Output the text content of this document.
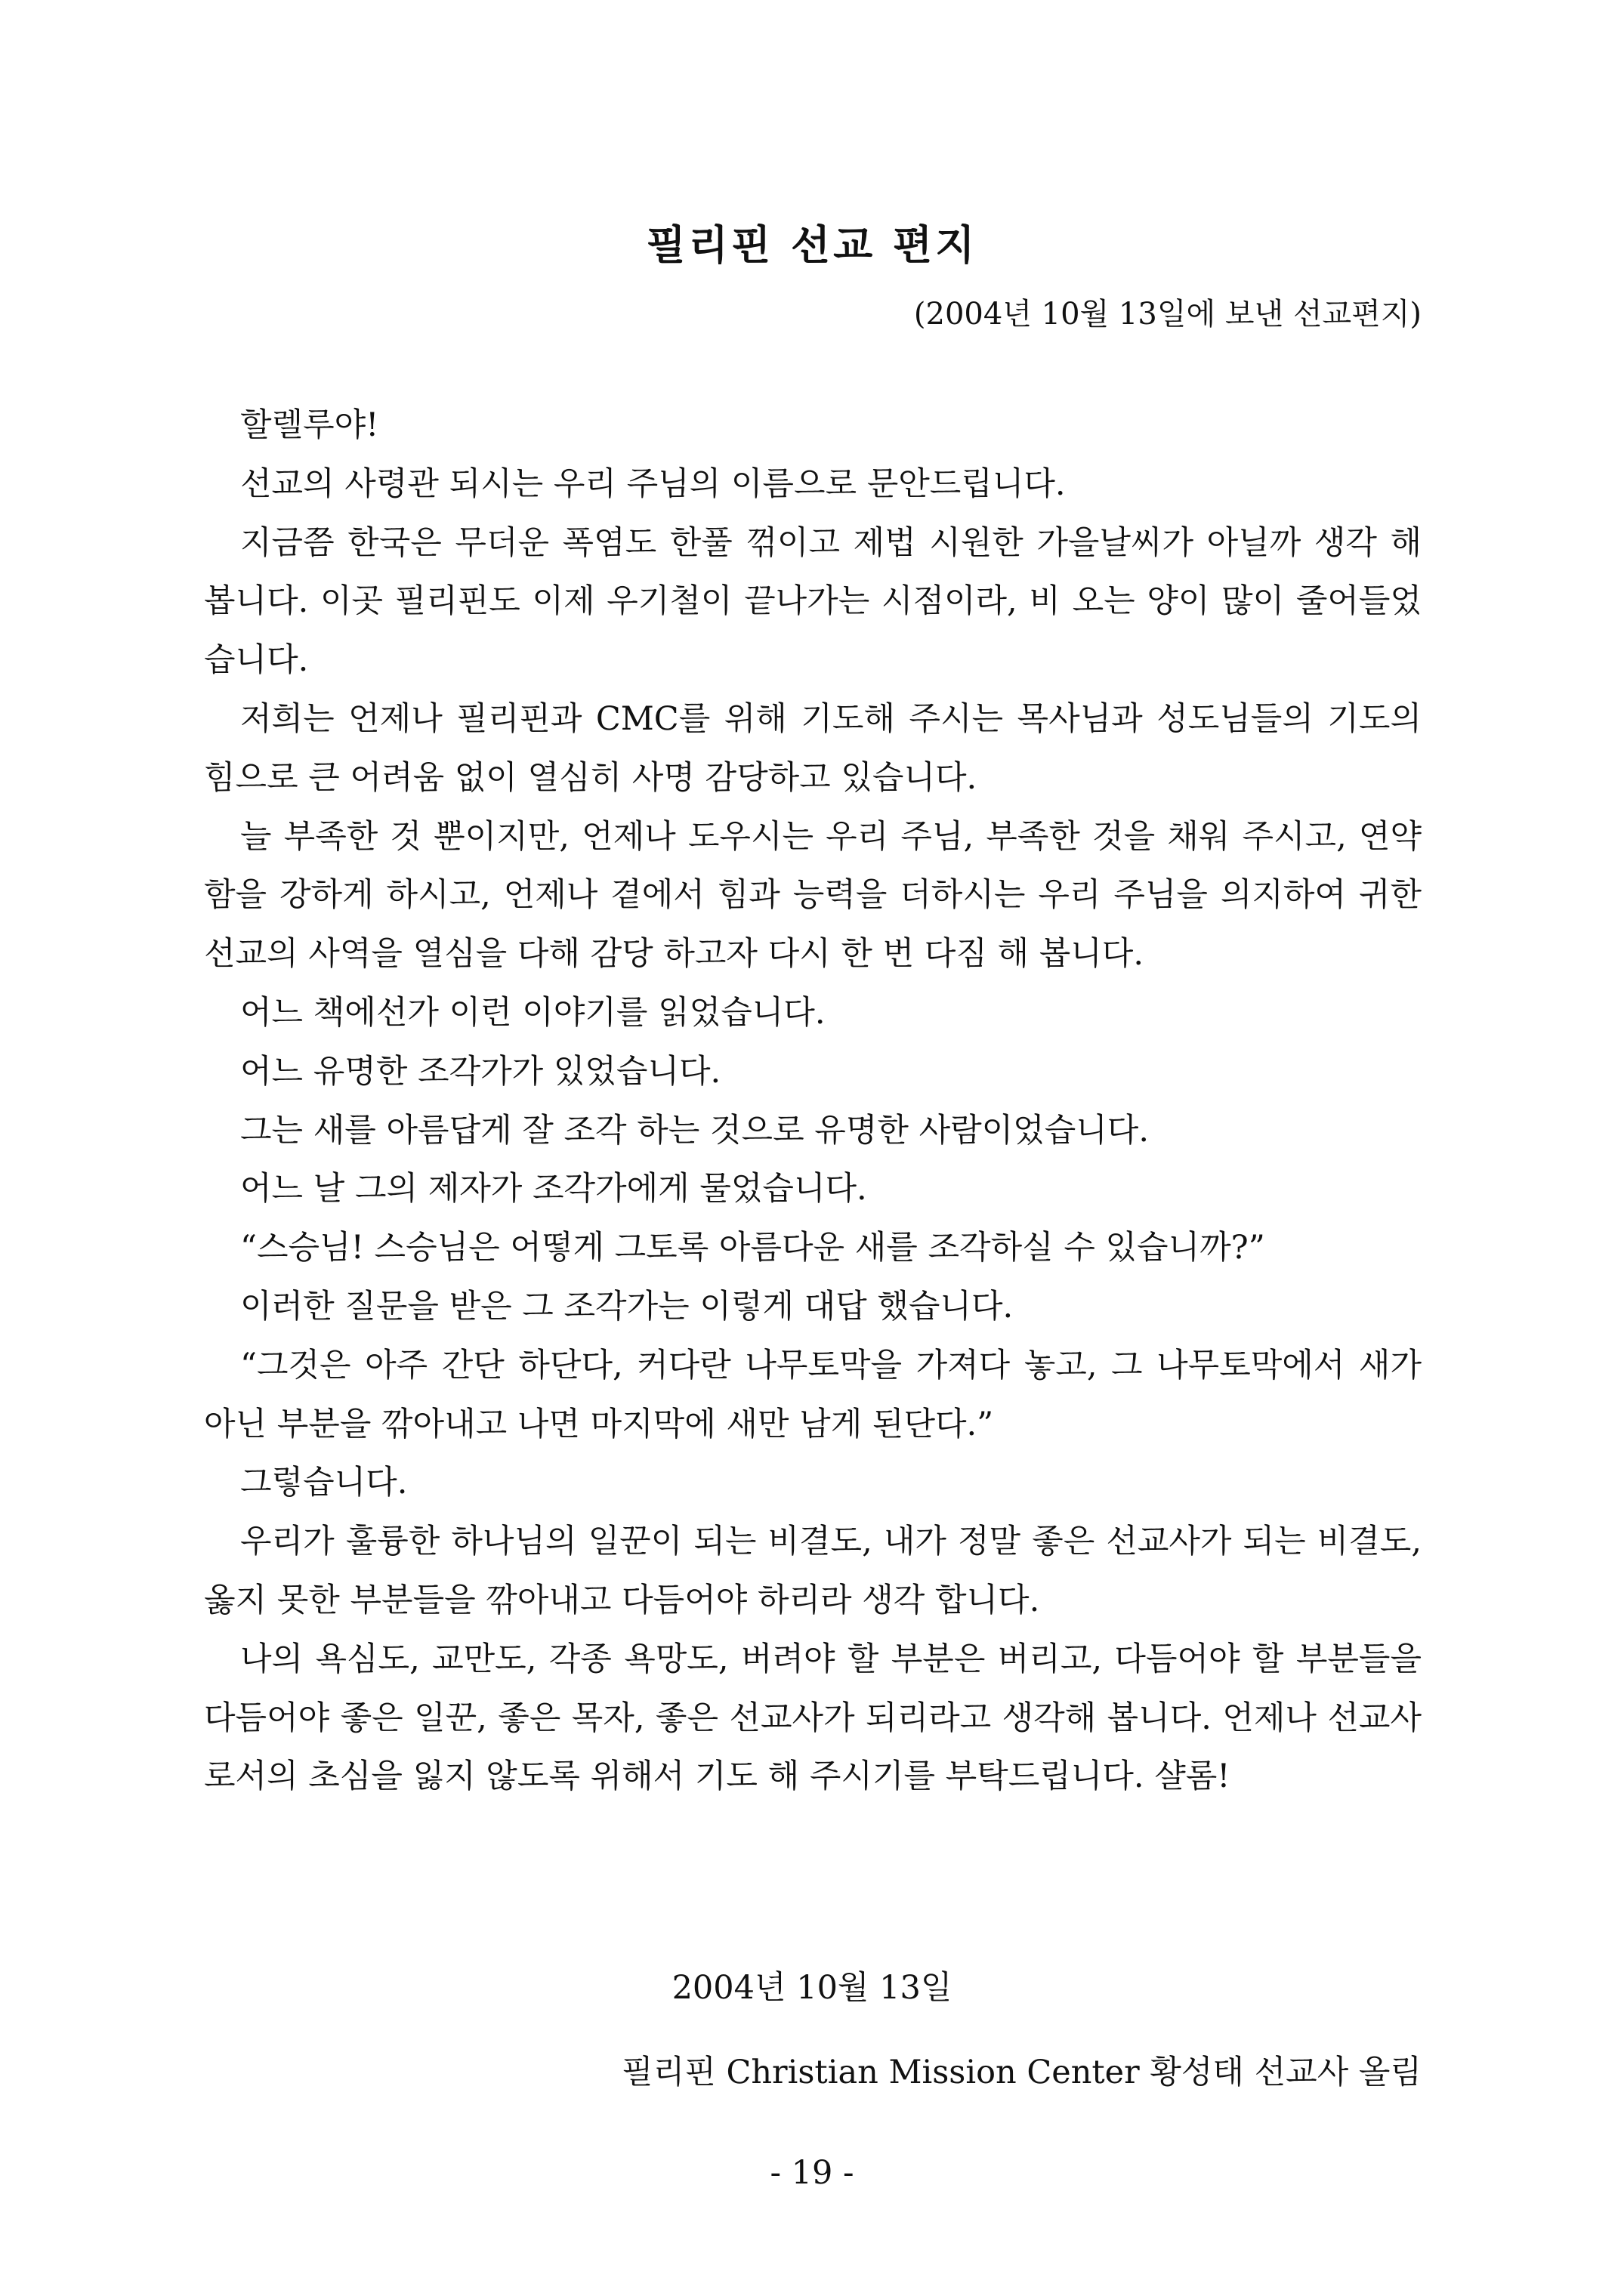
필리핀 선교 편지
(2004년 10월 13일에 보낸 선교편지)

할렐루야!

선교의 사령관 되시는 우리 주님의 이름으로 문안드립니다.

지금쯤 한국은 무더운 폭염도 한풀 꺾이고 제법 시원한 가을날씨가 아닐까 생각 해 봅니다. 이곳 필리핀도 이제 우기철이 끝나가는 시점이라, 비 오는 양이 많이 줄어들었습니다.

저희는 언제나 필리핀과 CMC를 위해 기도해 주시는 목사님과 성도님들의 기도의 힘으로 큰 어려움 없이 열심히 사명 감당하고 있습니다.

늘 부족한 것 뿐이지만, 언제나 도우시는 우리 주님, 부족한 것을 채워 주시고, 연약함을 강하게 하시고, 언제나 곁에서 힘과 능력을 더하시는 우리 주님을 의지하여 귀한 선교의 사역을 열심을 다해 감당 하고자 다시 한 번 다짐 해 봅니다.

어느 책에선가 이런 이야기를 읽었습니다.

어느 유명한 조각가가 있었습니다.

그는 새를 아름답게 잘 조각 하는 것으로 유명한 사람이었습니다.

어느 날 그의 제자가 조각가에게 물었습니다.

“스승님! 스승님은 어떻게 그토록 아름다운 새를 조각하실 수 있습니까?”

이러한 질문을 받은 그 조각가는 이렇게 대답 했습니다.

“그것은 아주 간단 하단다, 커다란 나무토막을 가져다 놓고, 그 나무토막에서 새가 아닌 부분을 깎아내고 나면 마지막에 새만 남게 된단다.”

그렇습니다.

우리가 훌륭한 하나님의 일꾼이 되는 비결도, 내가 정말 좋은 선교사가 되는 비결도, 옳지 못한 부분들을 깎아내고 다듬어야 하리라 생각 합니다.

나의 욕심도, 교만도, 각종 욕망도, 버려야 할 부분은 버리고, 다듬어야 할 부분들을 다듬어야 좋은 일꾼, 좋은 목자, 좋은 선교사가 되리라고 생각해 봅니다. 언제나 선교사로서의 초심을 잃지 않도록 위해서 기도 해 주시기를 부탁드립니다. 샬롬!

2004년 10월 13일
필리핀 Christian Mission Center 황성태 선교사 올림
- 19 -
